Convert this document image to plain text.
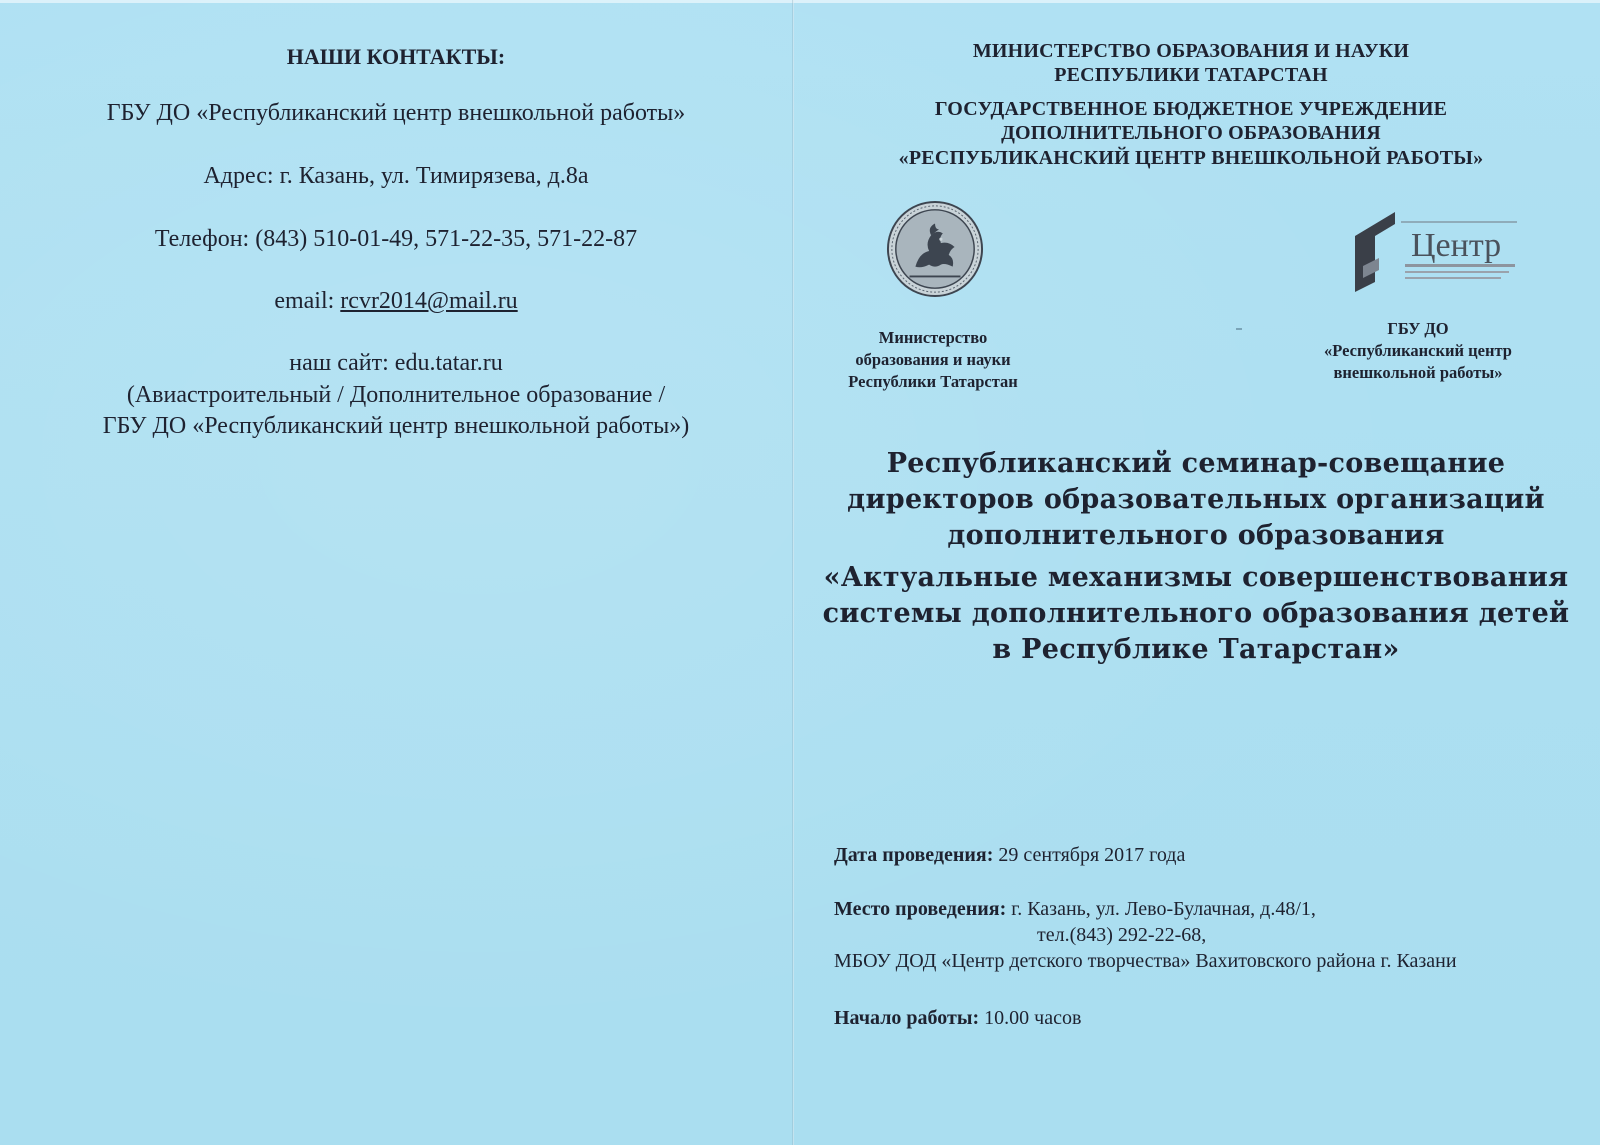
НАШИ КОНТАКТЫ:
ГБУ ДО «Республиканский центр внешкольной работы»
Адрес: г. Казань, ул. Тимирязева, д.8а
Телефон: (843) 510-01-49, 571-22-35, 571-22-87
email: rcvr2014@mail.ru
наш сайт: edu.tatar.ru
(Авиастроительный / Дополнительное образование /
ГБУ ДО «Республиканский центр внешкольной работы»)
МИНИСТЕРСТВО ОБРАЗОВАНИЯ И НАУКИ
РЕСПУБЛИКИ ТАТАРСТАН
ГОСУДАРСТВЕННОЕ БЮДЖЕТНОЕ УЧРЕЖДЕНИЕ
ДОПОЛНИТЕЛЬНОГО ОБРАЗОВАНИЯ
«РЕСПУБЛИКАНСКИЙ ЦЕНТР ВНЕШКОЛЬНОЙ РАБОТЫ»
Центр
Министерство
образования и науки
Республики Татарстан
ГБУ ДО
«Республиканский центр
внешкольной работы»
Республиканский семинар-совещание
директоров образовательных организаций
дополнительного образования
«Актуальные механизмы совершенствования
системы дополнительного образования детей
в Республике Татарстан»
Дата проведения: 29 сентября 2017 года
Место проведения: г. Казань, ул. Лево-Булачная, д.48/1,
тел.(843) 292-22-68,
МБОУ ДОД «Центр детского творчества» Вахитовского района г. Казани
Начало работы: 10.00 часов
